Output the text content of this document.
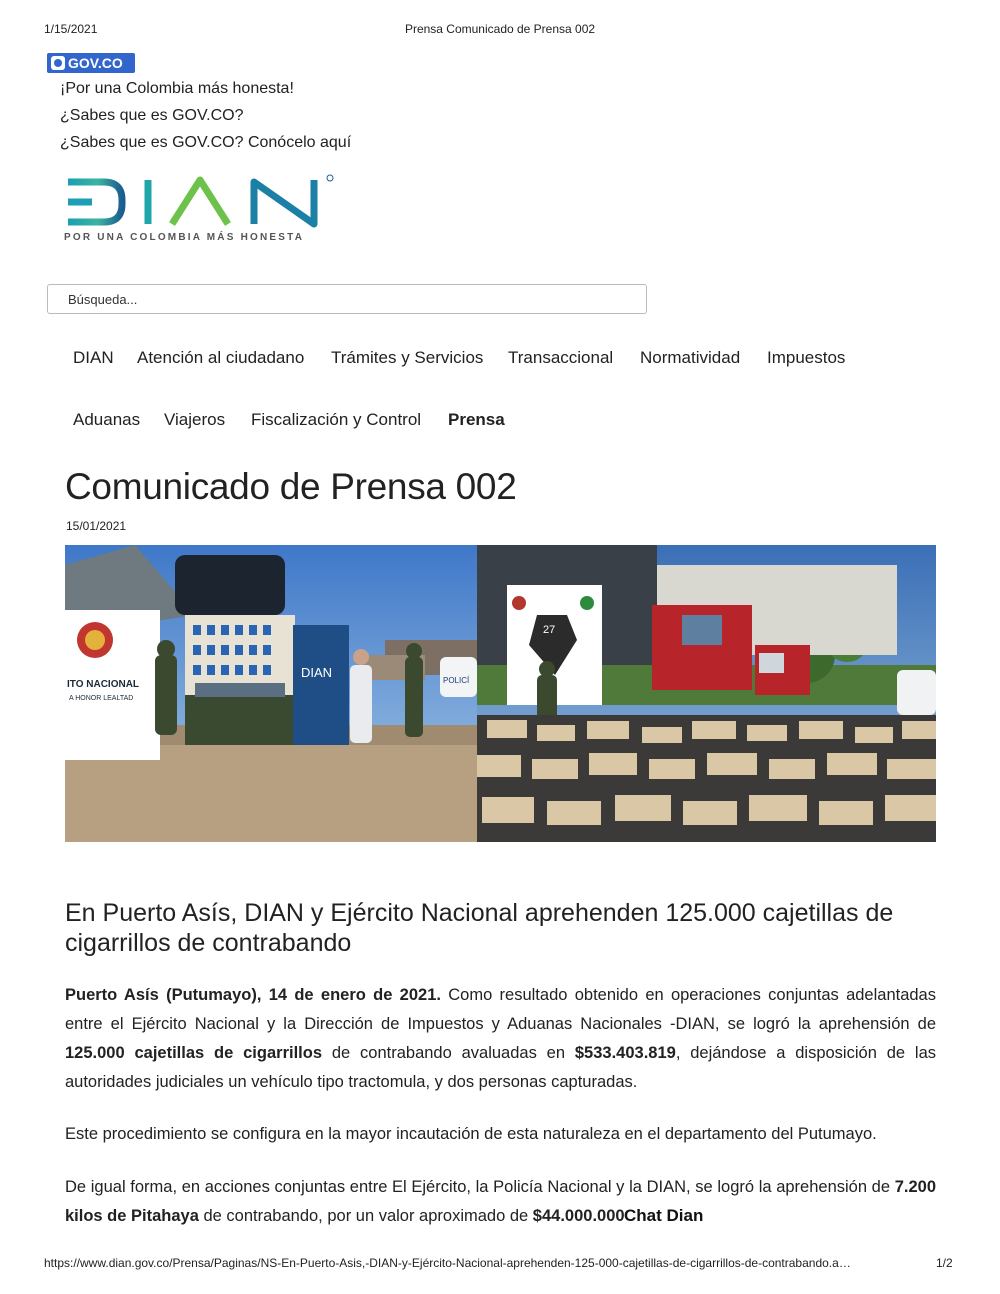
1/15/2021	Prensa Comunicado de Prensa 002
GOV.CO
¡Por una Colombia más honesta!
¿Sabes que es GOV.CO?
¿Sabes que es GOV.CO? Conócelo aquí
POR UNA COLOMBIA MÁS HONESTA
Búsqueda...
DIAN Atención al ciudadano Trámites y Servicios Transaccional Normatividad Impuestos
Aduanas Viajeros Fiscalización y Control Prensa
Comunicado de Prensa 002
15/01/2021
ITO NACIONAL
A HONOR LEALTAD
DIAN
POLICÍ
27
En Puerto Asís, DIAN y Ejército Nacional aprehenden 125.000 cajetillas de cigarrillos de contrabando

Puerto Asís (Putumayo), 14 de enero de 2021. Como resultado obtenido en operaciones conjuntas adelantadas entre el Ejército Nacional y la Dirección de Impuestos y Aduanas Nacionales -DIAN, se logró la aprehensión de 125.000 cajetillas de cigarrillos de contrabando avaluadas en $533.403.819, dejándose a disposición de las autoridades judiciales un vehículo tipo tractomula, y dos personas capturadas.

Este procedimiento se configura en la mayor incautación de esta naturaleza en el departamento del Putumayo.

De igual forma, en acciones conjuntas entre El Ejército, la Policía Nacional y la DIAN, se logró la aprehensión de 7.200 kilos de Pitahaya de contrabando, por un valor aproximado de $44.000.000 Chat Dian
https://www.dian.gov.co/Prensa/Paginas/NS-En-Puerto-Asis,-DIAN-y-Ejército-Nacional-aprehenden-125-000-cajetillas-de-cigarrillos-de-contrabando.a…	1/2
